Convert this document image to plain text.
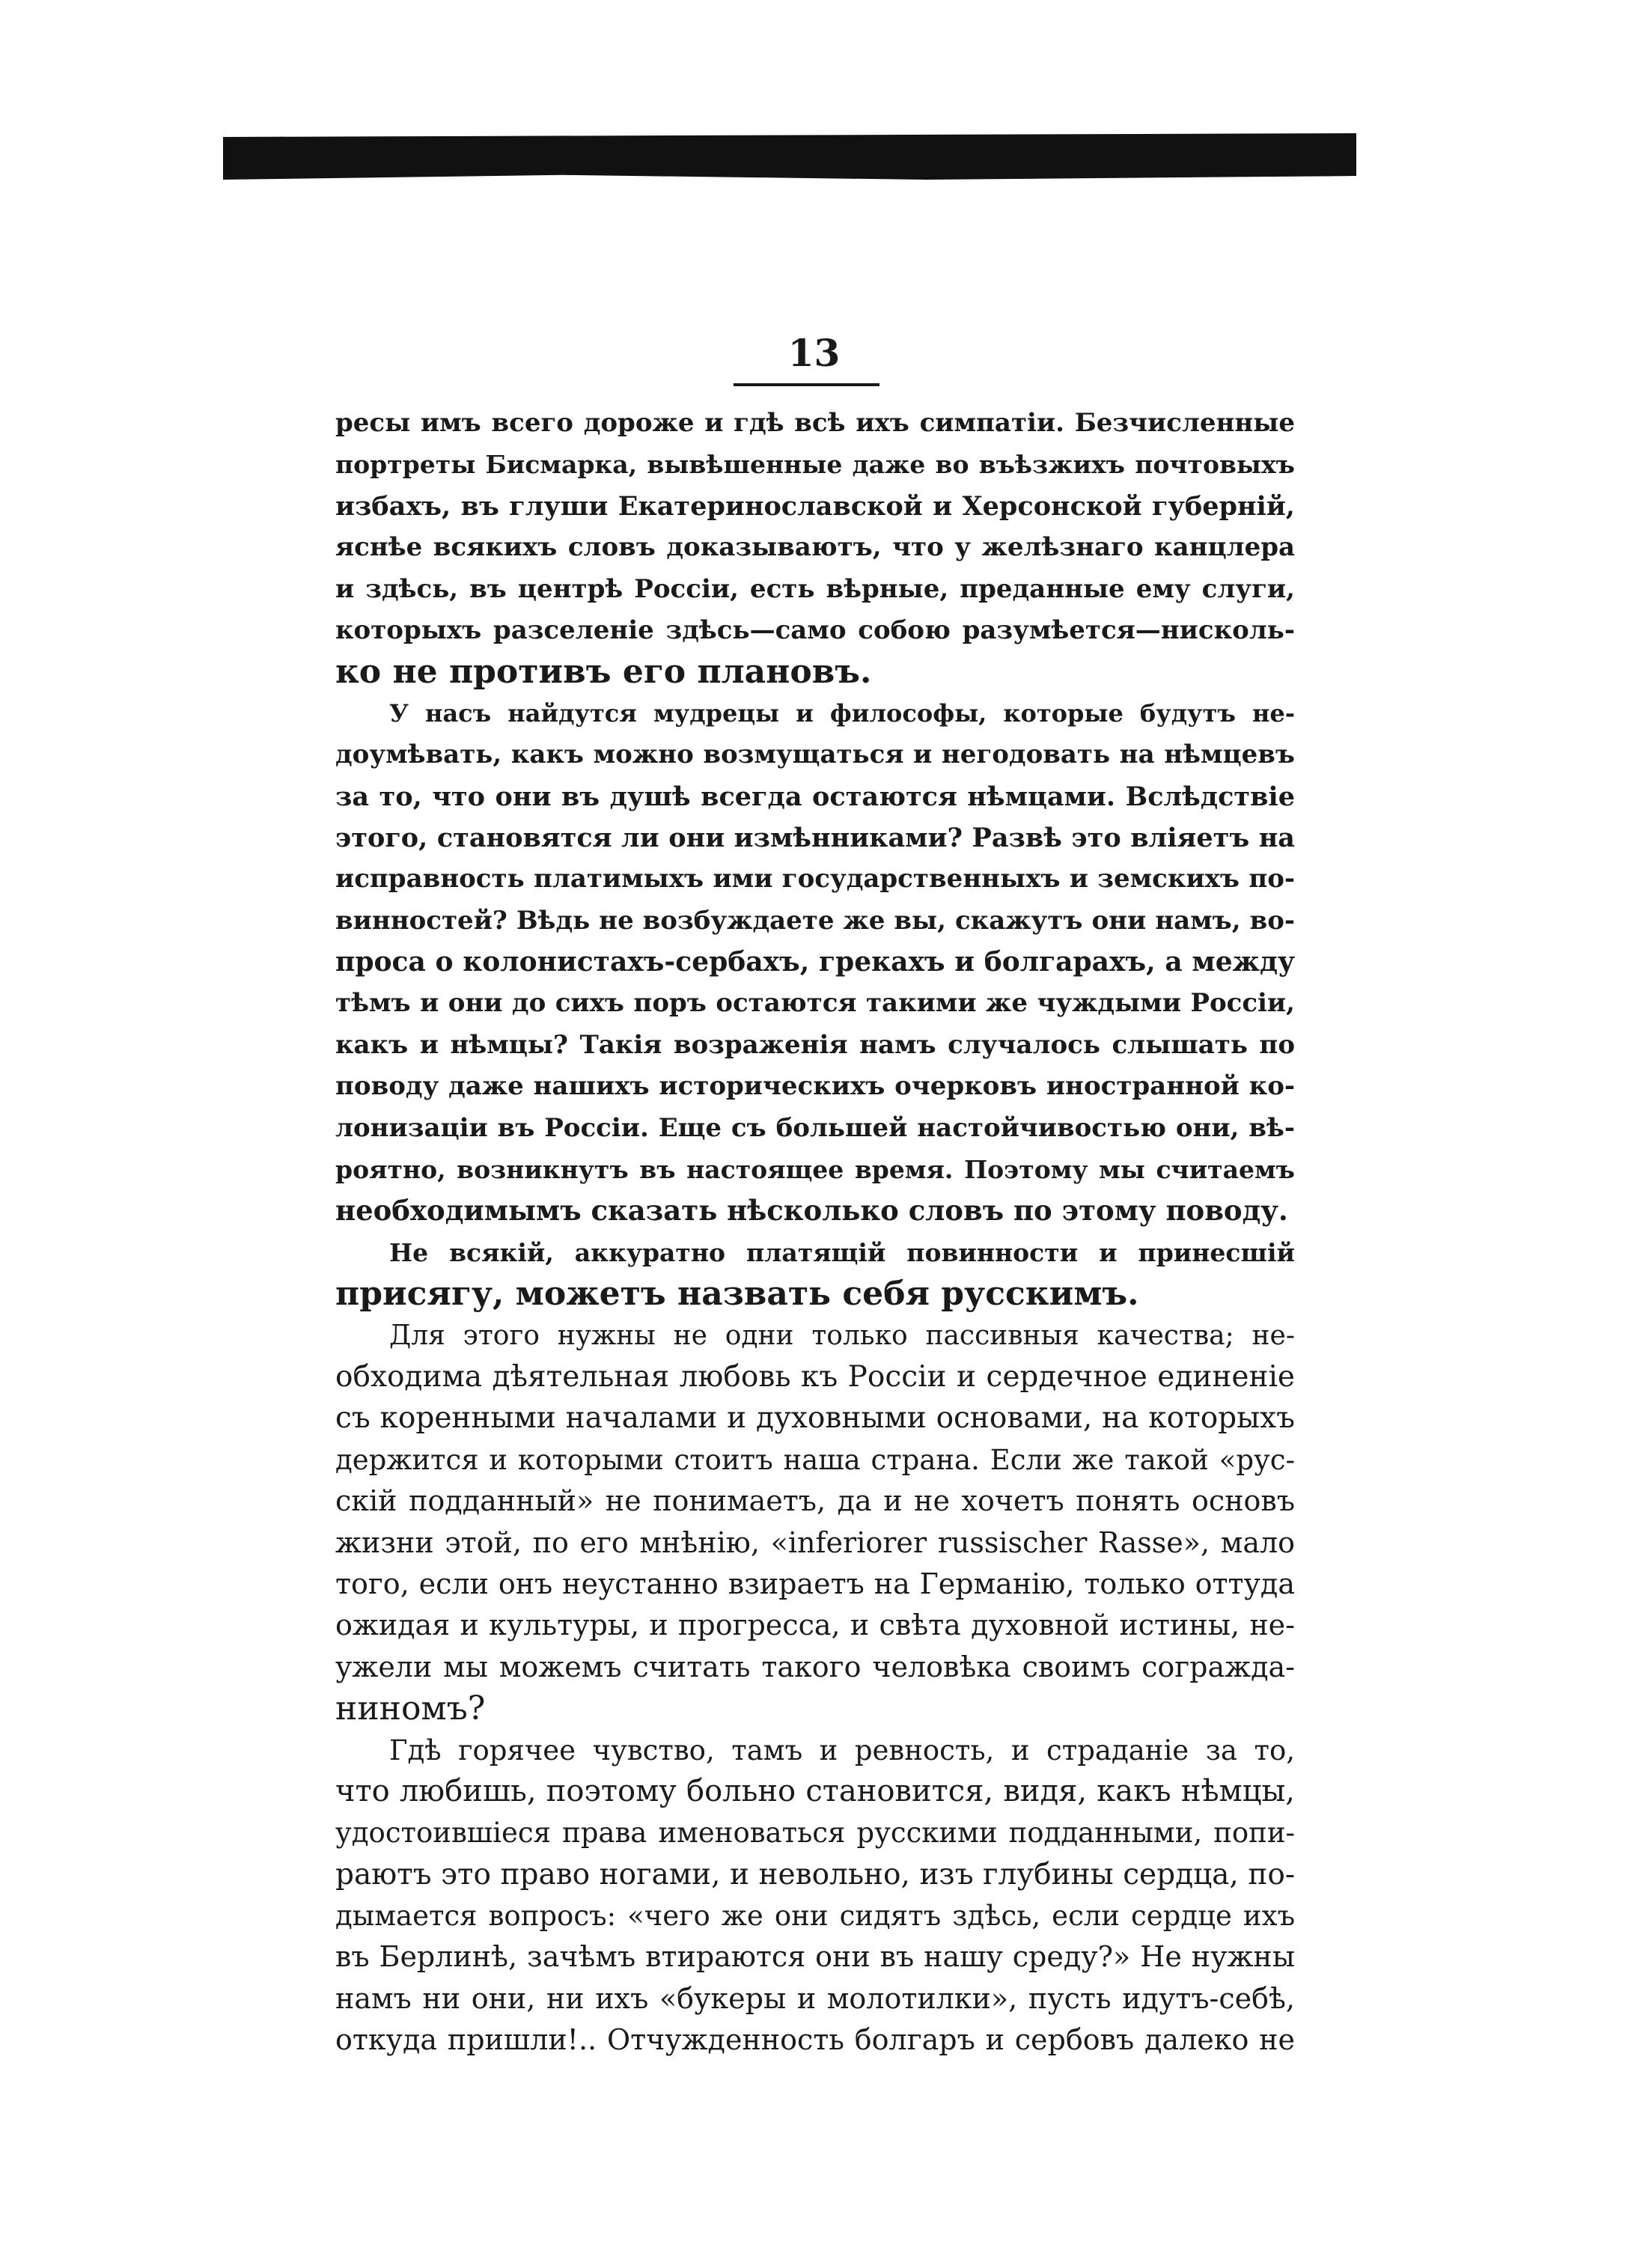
13
ресы имъ всего дороже и гдѣ всѣ ихъ симпатіи. Безчисленные
портреты Бисмарка, вывѣшенные даже во въѣзжихъ почтовыхъ
избахъ, въ глуши Екатеринославской и Херсонской губерній,
яснѣе всякихъ словъ доказываютъ, что у желѣзнаго канцлера
и здѣсь, въ центрѣ Россіи, есть вѣрные, преданные ему слуги,
которыхъ разселеніе здѣсь—само собою разумѣется—нисколь-
ко не противъ его плановъ.
У насъ найдутся мудрецы и философы, которые будутъ не-
доумѣвать, какъ можно возмущаться и негодовать на нѣмцевъ
за то, что они въ душѣ всегда остаются нѣмцами. Вслѣдствіе
этого, становятся ли они измѣнниками? Развѣ это вліяетъ на
исправность платимыхъ ими государственныхъ и земскихъ по-
винностей? Вѣдь не возбуждаете же вы, скажутъ они намъ, во-
проса о колонистахъ-сербахъ, грекахъ и болгарахъ, а между
тѣмъ и они до сихъ поръ остаются такими же чуждыми Россіи,
какъ и нѣмцы? Такія возраженія намъ случалось слышать по
поводу даже нашихъ историческихъ очерковъ иностранной ко-
лонизаціи въ Россіи. Еще съ большей настойчивостью они, вѣ-
роятно, возникнутъ въ настоящее время. Поэтому мы считаемъ
необходимымъ сказать нѣсколько словъ по этому поводу.
Не всякій, аккуратно платящій повинности и принесшій
присягу, можетъ назвать себя русскимъ.
Для этого нужны не одни только пассивныя качества; не-
обходима дѣятельная любовь къ Россіи и сердечное единеніе
съ коренными началами и духовными основами, на которыхъ
держится и которыми стоитъ наша страна. Если же такой «рус-
скій подданный» не понимаетъ, да и не хочетъ понять основъ
жизни этой, по его мнѣнію, «inferiorer russischer Rasse», мало
того, если онъ неустанно взираетъ на Германію, только оттуда
ожидая и культуры, и прогресса, и свѣта духовной истины, не-
ужели мы можемъ считать такого человѣка своимъ согражда-
ниномъ?
Гдѣ горячее чувство, тамъ и ревность, и страданіе за то,
что любишь, поэтому больно становится, видя, какъ нѣмцы,
удостоившіеся права именоваться русскими подданными, попи-
раютъ это право ногами, и невольно, изъ глубины сердца, по-
дымается вопросъ: «чего же они сидятъ здѣсь, если сердце ихъ
въ Берлинѣ, зачѣмъ втираются они въ нашу среду?» Не нужны
намъ ни они, ни ихъ «букеры и молотилки», пусть идутъ-себѣ,
откуда пришли!.. Отчужденность болгаръ и сербовъ далеко не
